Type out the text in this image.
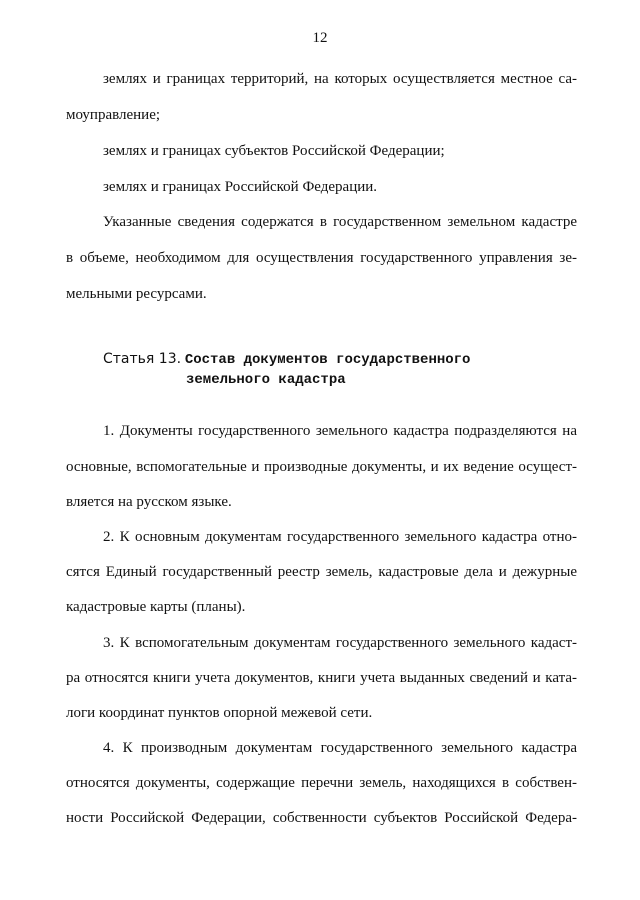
12
землях и границах территорий, на которых осуществляется местное са-
моуправление;
землях и границах субъектов Российской Федерации;
землях и границах Российской Федерации.
Указанные сведения содержатся в государственном земельном кадастре
в объеме, необходимом для осуществления государственного управления зе-
мельными ресурсами.
Статья 13. Состав документов государственного
земельного кадастра
1. Документы государственного земельного кадастра подразделяются на
основные, вспомогательные и производные документы, и их ведение осущест-
вляется на русском языке.
2. К основным документам государственного земельного кадастра отно-
сятся Единый государственный реестр земель, кадастровые дела и дежурные
кадастровые карты (планы).
3. К вспомогательным документам государственного земельного кадаст-
ра относятся книги учета документов, книги учета выданных сведений и ката-
логи координат пунктов опорной межевой сети.
4. К производным документам государственного земельного кадастра
относятся документы, содержащие перечни земель, находящихся в собствен-
ности Российской Федерации, собственности субъектов Российской Федера-
